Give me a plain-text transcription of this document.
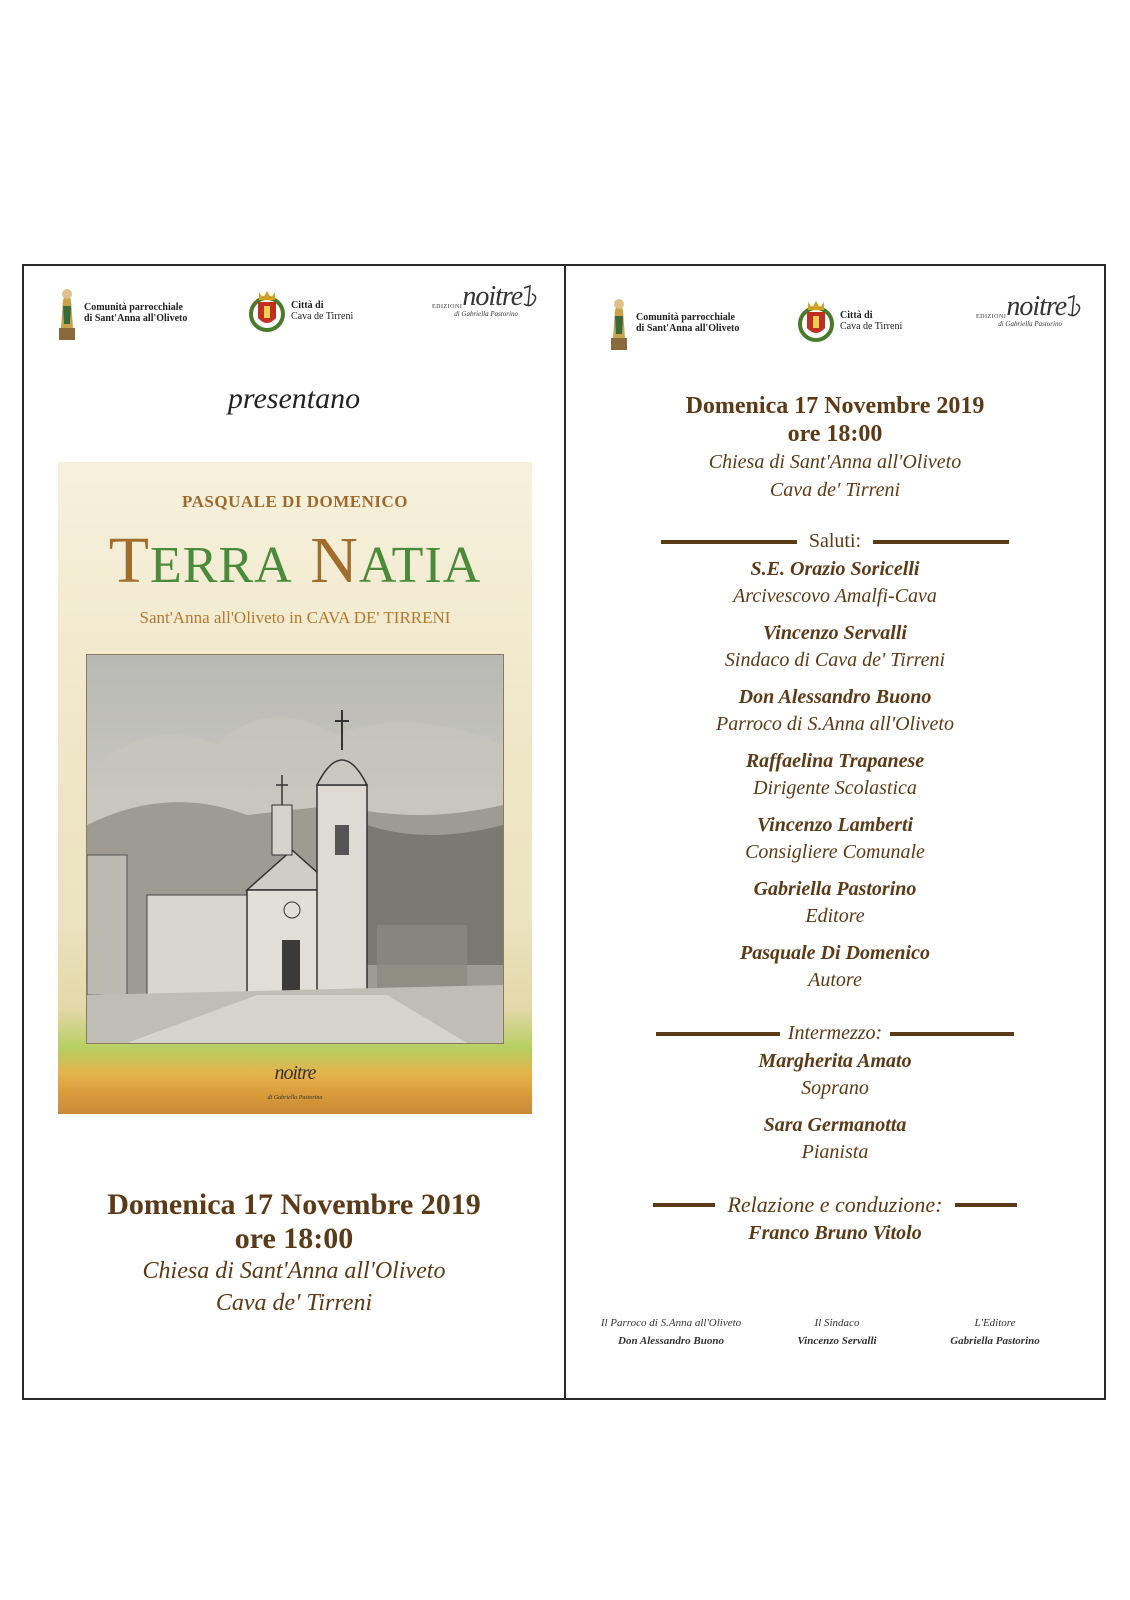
Comunità parrocchiale
di Sant'Anna all'Oliveto
Città di
Cava de Tirreni
EDIZIONI noitre
di Gabriella Pastorino
presentano
PASQUALE DI DOMENICO
TERRA NATIA
Sant'Anna all'Oliveto in CAVA DE' TIRRENI
noitre
di Gabriella Pastorino
Domenica 17 Novembre 2019
ore 18:00
Chiesa di Sant'Anna all'Oliveto
Cava de' Tirreni
Comunità parrocchiale
di Sant'Anna all'Oliveto
Città di
Cava de Tirreni
EDIZIONI noitre
di Gabriella Pastorino
Domenica 17 Novembre 2019
ore 18:00
Chiesa di Sant'Anna all'Oliveto
Cava de' Tirreni
Saluti:
S.E. Orazio Soricelli
Arcivescovo Amalfi-Cava
Vincenzo Servalli
Sindaco di Cava de' Tirreni
Don Alessandro Buono
Parroco di S.Anna all'Oliveto
Raffaelina Trapanese
Dirigente Scolastica
Vincenzo Lamberti
Consigliere Comunale
Gabriella Pastorino
Editore
Pasquale Di Domenico
Autore
Intermezzo:
Margherita Amato
Soprano
Sara Germanotta
Pianista
Relazione e conduzione:
Franco Bruno Vitolo
Il Parroco di S.Anna all'Oliveto
Don Alessandro Buono
Il Sindaco
Vincenzo Servalli
L'Editore
Gabriella Pastorino
